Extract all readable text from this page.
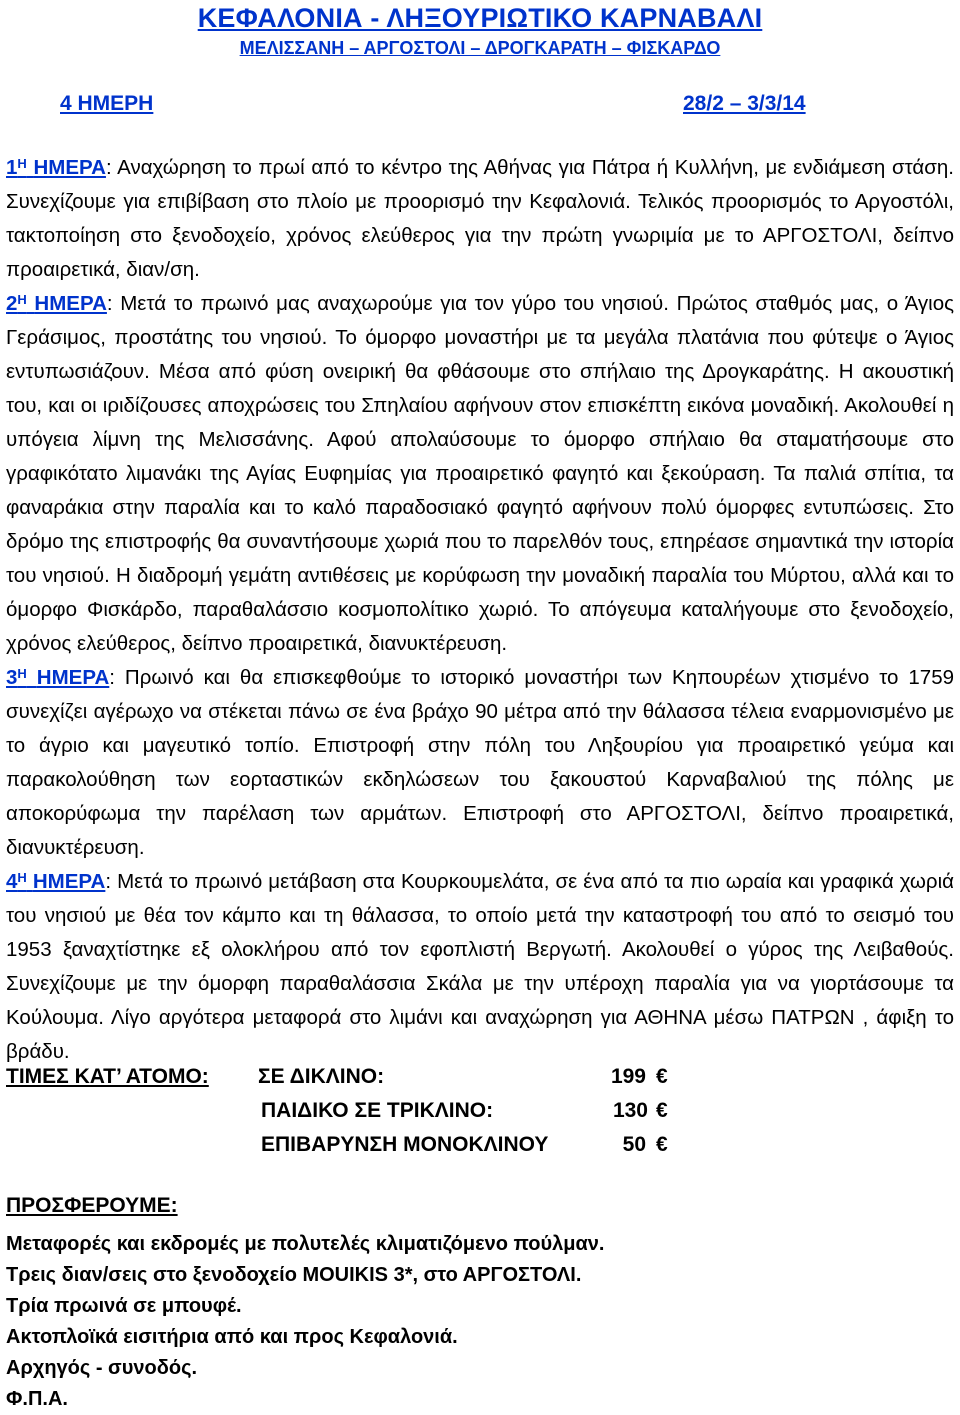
ΚΕΦΑΛΟΝΙΑ - ΛΗΞΟΥΡΙΩΤΙΚΟ ΚΑΡΝΑΒΑΛΙ
ΜΕΛΙΣΣΑΝΗ – ΑΡΓΟΣΤΟΛΙ – ΔΡΟΓΚΑΡΑΤΗ – ΦΙΣΚΑΡΔΟ
4 ΗΜΕΡΗ	28/2 – 3/3/14

$1^H$ ΗΜΕΡΑ: Αναχώρηση το πρωί από το κέντρο της Αθήνας για Πάτρα ή Κυλλήνη, με ενδιάμεση στάση. Συνεχίζουμε για επιβίβαση στο πλοίο με προορισμό την Κεφαλονιά. Τελικός προορισμός το Αργοστόλι, τακτοποίηση στο ξενοδοχείο, χρόνος ελεύθερος για την πρώτη γνωριμία με το ΑΡΓΟΣΤΟΛΙ, δείπνο προαιρετικά, διαν/ση.

$2^H$ ΗΜΕΡΑ: Μετά το πρωινό μας αναχωρούμε για τον γύρο του νησιού. Πρώτος σταθμός μας, ο Άγιος Γεράσιμος, προστάτης του νησιού. Το όμορφο μοναστήρι με τα μεγάλα πλατάνια που φύτεψε ο Άγιος εντυπωσιάζουν. Μέσα από φύση ονειρική θα φθάσουμε στο σπήλαιο της Δρογκαράτης. Η ακουστική του, και οι ιριδίζουσες αποχρώσεις του Σπηλαίου αφήνουν στον επισκέπτη εικόνα μοναδική. Ακολουθεί η υπόγεια λίμνη της Μελισσάνης. Αφού απολαύσουμε το όμορφο σπήλαιο θα σταματήσουμε στο γραφικότατο λιμανάκι της Αγίας Ευφημίας για προαιρετικό φαγητό και ξεκούραση. Τα παλιά σπίτια, τα φαναράκια στην παραλία και το καλό παραδοσιακό φαγητό αφήνουν πολύ όμορφες εντυπώσεις. Στο δρόμο της επιστροφής θα συναντήσουμε χωριά που το παρελθόν τους, επηρέασε σημαντικά την ιστορία του νησιού. Η διαδρομή γεμάτη αντιθέσεις με κορύφωση την μοναδική παραλία του Μύρτου, αλλά και το όμορφο Φισκάρδο, παραθαλάσσιο κοσμοπολίτικο χωριό. Το απόγευμα καταλήγουμε στο ξενοδοχείο, χρόνος ελεύθερος, δείπνο προαιρετικά, διανυκτέρευση.

$3^H$ ΗΜΕΡΑ: Πρωινό και θα επισκεφθούμε το ιστορικό μοναστήρι των Κηπουρέων χτισμένο το 1759 συνεχίζει αγέρωχο να στέκεται πάνω σε ένα βράχο 90 μέτρα από την θάλασσα τέλεια εναρμονισμένο με το άγριο και μαγευτικό τοπίο. Επιστροφή στην πόλη του Ληξουρίου για προαιρετικό γεύμα και παρακολούθηση των εορταστικών εκδηλώσεων του ξακουστού Καρναβαλιού της πόλης με αποκορύφωμα την παρέλαση των αρμάτων. Επιστροφή στο ΑΡΓΟΣΤΟΛΙ, δείπνο προαιρετικά, διανυκτέρευση.

$4^H$ ΗΜΕΡΑ: Μετά το πρωινό μετάβαση στα Κουρκουμελάτα, σε ένα από τα πιο ωραία και γραφικά χωριά του νησιού με θέα τον κάμπο και τη θάλασσα, το οποίο μετά την καταστροφή του από το σεισμό του 1953 ξαναχτίστηκε εξ ολοκλήρου από τον εφοπλιστή Βεργωτή. Ακολουθεί ο γύρος της Λειβαθούς. Συνεχίζουμε με την όμορφη παραθαλάσσια Σκάλα με την υπέροχη παραλία για να γιορτάσουμε τα Κούλουμα. Λίγο αργότερα μεταφορά στο λιμάνι και αναχώρηση για ΑΘΗΝΑ μέσω ΠΑΤΡΩΝ , άφιξη το βράδυ.

ΤΙΜΕΣ ΚΑΤ’ ΑΤΟΜΟ: ΣΕ ΔΙΚΛΙΝΟ:	199 €
ΠΑΙΔΙΚΟ ΣΕ ΤΡΙΚΛΙΝΟ:	130 €
ΕΠΙΒΑΡΥΝΣΗ ΜΟΝΟΚΛΙΝΟΥ	50 €
ΠΡΟΣΦΕΡΟΥΜΕ:
Μεταφορές και εκδρομές με πολυτελές κλιματιζόμενο πούλμαν.
Τρεις διαν/σεις στο ξενοδοχείο MOUIKIS 3*, στο ΑΡΓΟΣΤΟΛΙ.
Τρία πρωινά σε μπουφέ.
Ακτοπλοϊκά εισιτήρια από και προς Κεφαλονιά.
Αρχηγός - συνοδός.
Φ.Π.Α.
